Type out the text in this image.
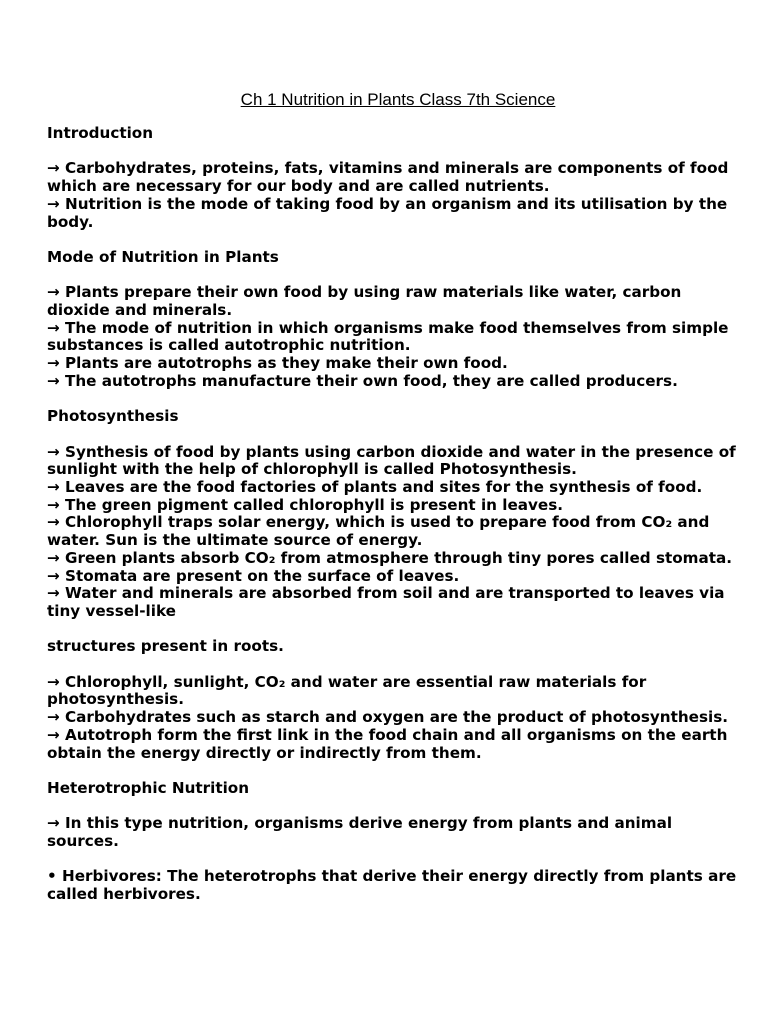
Ch 1 Nutrition in Plants Class 7th Science

Introduction

→ Carbohydrates, proteins, fats, vitamins and minerals are components of food which are necessary for our body and are called nutrients.

→ Nutrition is the mode of taking food by an organism and its utilisation by the body.

Mode of Nutrition in Plants

→ Plants prepare their own food by using raw materials like water, carbon dioxide and minerals.

→ The mode of nutrition in which organisms make food themselves from simple substances is called autotrophic nutrition.

→ Plants are autotrophs as they make their own food.

→ The autotrophs manufacture their own food, they are called producers.

Photosynthesis

→ Synthesis of food by plants using carbon dioxide and water in the presence of sunlight with the help of chlorophyll is called Photosynthesis.

→ Leaves are the food factories of plants and sites for the synthesis of food.

→ The green pigment called chlorophyll is present in leaves.

→ Chlorophyll traps solar energy, which is used to prepare food from CO₂ and water. Sun is the ultimate source of energy.

→ Green plants absorb CO₂ from atmosphere through tiny pores called stomata.

→ Stomata are present on the surface of leaves.

→ Water and minerals are absorbed from soil and are transported to leaves via tiny vessel-like

structures present in roots.

→ Chlorophyll, sunlight, CO₂ and water are essential raw materials for photosynthesis.

→ Carbohydrates such as starch and oxygen are the product of photosynthesis.

→ Autotroph form the first link in the food chain and all organisms on the earth obtain the energy directly or indirectly from them.

Heterotrophic Nutrition

→ In this type nutrition, organisms derive energy from plants and animal sources.

• Herbivores: The heterotrophs that derive their energy directly from plants are called herbivores.
